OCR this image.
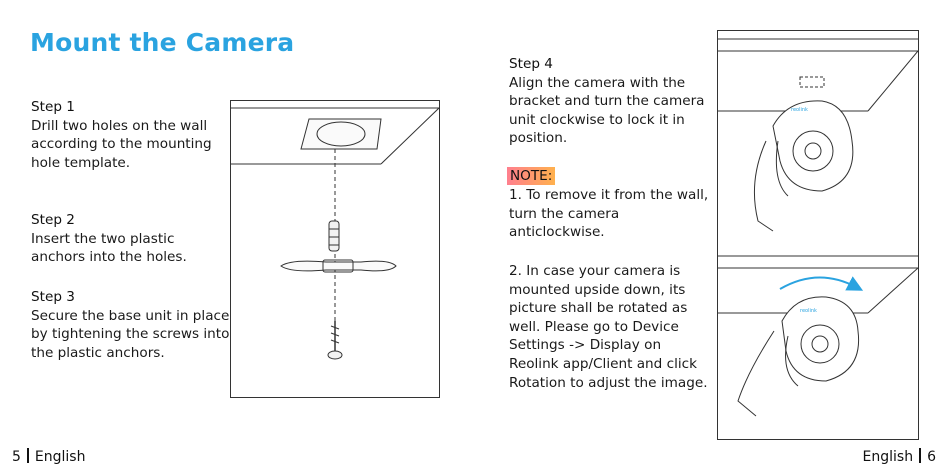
Mount the Camera
Step 1

Drill two holes on the wall according to the mounting hole template.

Step 2

Insert the two plastic anchors into the holes.

Step 3

Secure the base unit in place by tightening the screws into the plastic anchors.

Step 4

Align the camera with the bracket and turn the camera unit clockwise to lock it in position.

NOTE:

1. To remove it from the wall, turn the camera anticlockwise.

2. In case your camera is mounted upside down, its picture shall be rotated as well. Please go to Device Settings -> Display on Reolink app/Client and click Rotation to adjust the image.

reolink
reolink
5 English	English 6
